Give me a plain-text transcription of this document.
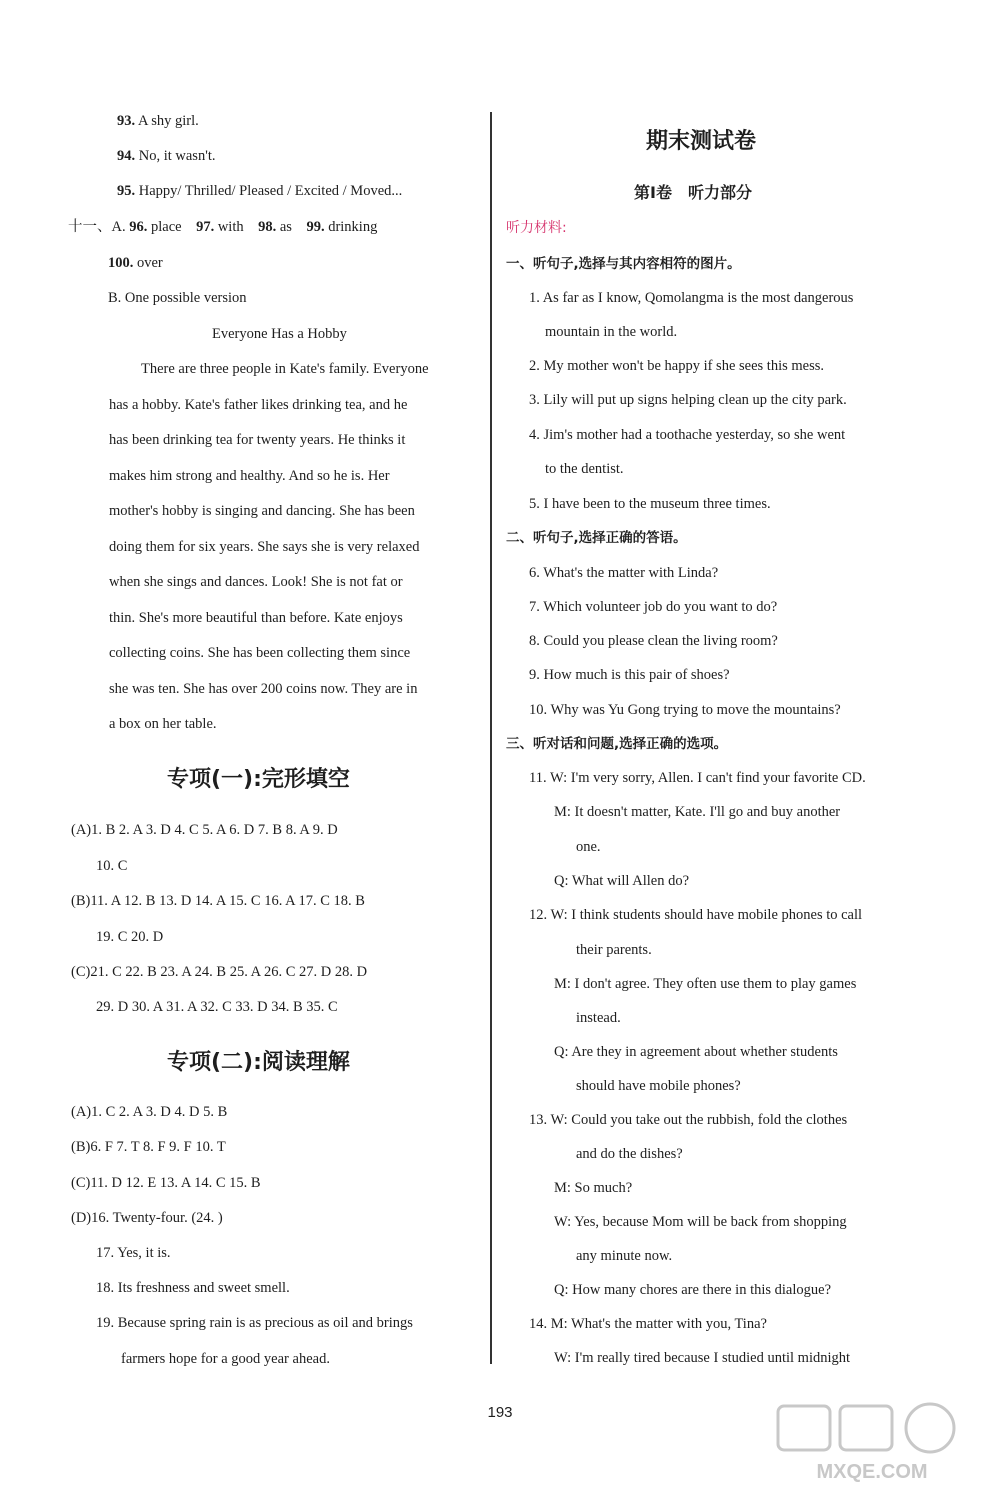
93. A shy girl.
94. No, it wasn't.
95. Happy/ Thrilled/ Pleased / Excited / Moved...
十一、A. 96. place 97. with 98. as 99. drinking
100. over
B. One possible version
Everyone Has a Hobby
There are three people in Kate's family. Everyone
has a hobby. Kate's father likes drinking tea, and he
has been drinking tea for twenty years. He thinks it
makes him strong and healthy. And so he is. Her
mother's hobby is singing and dancing. She has been
doing them for six years. She says she is very relaxed
when she sings and dances. Look! She is not fat or
thin. She's more beautiful than before. Kate enjoys
collecting coins. She has been collecting them since
she was ten. She has over 200 coins now. They are in
a box on her table.
专项(一):完形填空
(A)1. B 2. A 3. D 4. C 5. A 6. D 7. B 8. A 9. D
10. C
(B)11. A 12. B 13. D 14. A 15. C 16. A 17. C 18. B
19. C 20. D
(C)21. C 22. B 23. A 24. B 25. A 26. C 27. D 28. D
29. D 30. A 31. A 32. C 33. D 34. B 35. C
专项(二):阅读理解
(A)1. C 2. A 3. D 4. D 5. B
(B)6. F 7. T 8. F 9. F 10. T
(C)11. D 12. E 13. A 14. C 15. B
(D)16. Twenty-four. (24. )
17. Yes, it is.
18. Its freshness and sweet smell.
19. Because spring rain is as precious as oil and brings
farmers hope for a good year ahead.
期末测试卷
第Ⅰ卷　听力部分
听力材料:
一、听句子,选择与其内容相符的图片。
1. As far as I know, Qomolangma is the most dangerous
mountain in the world.
2. My mother won't be happy if she sees this mess.
3. Lily will put up signs helping clean up the city park.
4. Jim's mother had a toothache yesterday, so she went
to the dentist.
5. I have been to the museum three times.
二、听句子,选择正确的答语。
6. What's the matter with Linda?
7. Which volunteer job do you want to do?
8. Could you please clean the living room?
9. How much is this pair of shoes?
10. Why was Yu Gong trying to move the mountains?
三、听对话和问题,选择正确的选项。
11. W: I'm very sorry, Allen. I can't find your favorite CD.
M: It doesn't matter, Kate. I'll go and buy another
one.
Q: What will Allen do?
12. W: I think students should have mobile phones to call
their parents.
M: I don't agree. They often use them to play games
instead.
Q: Are they in agreement about whether students
should have mobile phones?
13. W: Could you take out the rubbish, fold the clothes
and do the dishes?
M: So much?
W: Yes, because Mom will be back from shopping
any minute now.
Q: How many chores are there in this dialogue?
14. M: What's the matter with you, Tina?
W: I'm really tired because I studied until midnight
193
MXQE.COM
